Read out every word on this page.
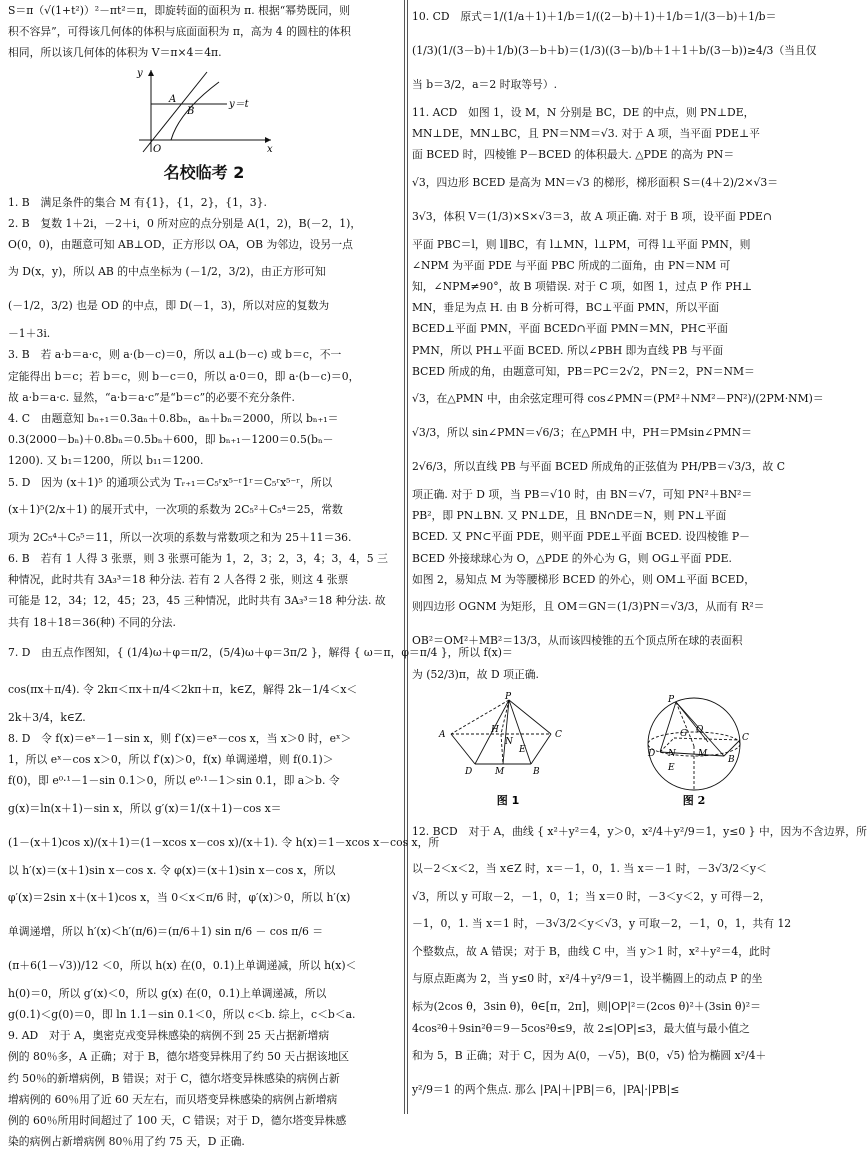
S＝π（√(1+t²)）²－πt²＝π，即旋转面的面积为 π. 根据“幂势既同，则
积不容异”，可得该几何体的体积与底面面积为 π，高为 4 的圆柱的体积
相同，所以该几何体的体积为 V＝π×4＝4π.
y
x
O
A
B
y＝t
名校临考 2
1. B　满足条件的集合 M 有{1}，{1，2}，{1，3}.
2. B　复数 1＋2i，－2＋i，0 所对应的点分别是 A(1，2)，B(－2，1)，
O(0，0)，由题意可知 AB⊥OD，正方形以 OA，OB 为邻边，设另一点
为 D(x，y)，所以 AB 的中点坐标为 (－1/2，3/2)，由正方形可知
(－1/2，3/2) 也是 OD 的中点，即 D(－1，3)，所以对应的复数为
－1＋3i.
3. B　若 a·b＝a·c，则 a·(b－c)＝0，所以 a⊥(b－c) 或 b＝c，不一
定能得出 b＝c；若 b＝c，则 b－c＝0，所以 a·0＝0，即 a·(b－c)＝0，
故 a·b＝a·c. 显然，“a·b＝a·c”是“b＝c”的必要不充分条件.
4. C　由题意知 bₙ₊₁＝0.3aₙ＋0.8bₙ，aₙ＋bₙ＝2000，所以 bₙ₊₁＝
0.3(2000－bₙ)＋0.8bₙ＝0.5bₙ＋600，即 bₙ₊₁－1200＝0.5(bₙ－
1200). 又 b₁＝1200，所以 b₁₁＝1200.
5. D　因为 (x＋1)⁵ 的通项公式为 Tᵣ₊₁＝C₅ʳx⁵⁻ʳ1ʳ＝C₅ʳx⁵⁻ʳ，所以
(x＋1)⁵(2/x＋1) 的展开式中，一次项的系数为 2C₅²＋C₅⁴＝25，常数
项为 2C₅⁴＋C₅⁵＝11，所以一次项的系数与常数项之和为 25＋11＝36.
6. B　若有 1 人得 3 张票，则 3 张票可能为 1，2，3；2，3，4；3，4，5 三
种情况，此时共有 3A₃³＝18 种分法. 若有 2 人各得 2 张，则这 4 张票
可能是 12，34；12，45；23，45 三种情况，此时共有 3A₃³＝18 种分法. 故
共有 18＋18＝36(种) 不同的分法.
7. D　由五点作图知，{ (1/4)ω＋φ＝π/2，(5/4)ω＋φ＝3π/2 }，解得 { ω＝π，φ＝π/4 }，所以 f(x)＝
cos(πx＋π/4). 令 2kπ＜πx＋π/4＜2kπ＋π，k∈Z，解得 2k－1/4＜x＜
2k＋3/4，k∈Z.
8. D　令 f(x)＝eˣ－1－sin x，则 f′(x)＝eˣ－cos x，当 x＞0 时，eˣ＞
1，所以 eˣ－cos x＞0，所以 f′(x)＞0，f(x) 单调递增，则 f(0.1)＞
f(0)，即 e⁰·¹－1－sin 0.1＞0，所以 e⁰·¹－1＞sin 0.1，即 a＞b. 令
g(x)＝ln(x＋1)－sin x，所以 g′(x)＝1/(x＋1)－cos x＝
(1－(x＋1)cos x)/(x＋1)＝(1－xcos x－cos x)/(x＋1). 令 h(x)＝1－xcos x－cos x，所
以 h′(x)＝(x＋1)sin x－cos x. 令 φ(x)＝(x＋1)sin x－cos x，所以
φ′(x)＝2sin x＋(x＋1)cos x，当 0＜x＜π/6 时，φ′(x)＞0，所以 h′(x)
单调递增，所以 h′(x)＜h′(π/6)＝(π/6＋1) sin π/6 － cos π/6 ＝
(π＋6(1－√3))/12 ＜0，所以 h(x) 在(0，0.1)上单调递减，所以 h(x)＜
h(0)＝0，所以 g′(x)＜0，所以 g(x) 在(0，0.1)上单调递减，所以
g(0.1)＜g(0)＝0，即 ln 1.1－sin 0.1＜0，所以 c＜b. 综上，c＜b＜a.
9. AD　对于 A，奥密克戎变异株感染的病例不到 25 天占据新增病
例的 80％多，A 正确；对于 B，德尔塔变异株用了约 50 天占据该地区
约 50％的新增病例，B 错误；对于 C，德尔塔变异株感染的病例占新
增病例的 60％用了近 60 天左右，而贝塔变异株感染的病例占新增病
例的 60％所用时间超过了 100 天，C 错误；对于 D，德尔塔变异株感
染的病例占新增病例 80％用了约 75 天，D 正确.
10. CD　原式＝1/(1/a＋1)＋1/b＝1/((2－b)＋1)＋1/b＝1/(3－b)＋1/b＝
(1/3)(1/(3－b)＋1/b)(3－b＋b)＝(1/3)((3－b)/b＋1＋1＋b/(3－b))≥4/3（当且仅
当 b＝3/2，a＝2 时取等号）.
11. ACD　如图 1，设 M，N 分别是 BC，DE 的中点，则 PN⊥DE，
MN⊥DE，MN⊥BC，且 PN＝NM＝√3. 对于 A 项，当平面 PDE⊥平
面 BCED 时，四棱锥 P－BCED 的体积最大. △PDE 的高为 PN＝
√3，四边形 BCED 是高为 MN＝√3 的梯形，梯形面积 S＝(4＋2)/2×√3＝
3√3，体积 V＝(1/3)×S×√3＝3，故 A 项正确. 对于 B 项，设平面 PDE∩
平面 PBC＝l，则 l∥BC，有 l⊥MN，l⊥PM，可得 l⊥平面 PMN，则
∠NPM 为平面 PDE 与平面 PBC 所成的二面角，由 PN＝NM 可
知，∠NPM≠90°，故 B 项错误. 对于 C 项，如图 1，过点 P 作 PH⊥
MN，垂足为点 H. 由 B 分析可得，BC⊥平面 PMN，所以平面
BCED⊥平面 PMN，平面 BCED∩平面 PMN＝MN，PH⊂平面
PMN，所以 PH⊥平面 BCED. 所以∠PBH 即为直线 PB 与平面
BCED 所成的角，由题意可知，PB＝PC＝2√2，PN＝2，PN＝NM＝
√3，在△PMN 中，由余弦定理可得 cos∠PMN＝(PM²＋NM²－PN²)/(2PM·NM)＝
√3/3，所以 sin∠PMN＝√6/3；在△PMH 中，PH＝PMsin∠PMN＝
2√6/3，所以直线 PB 与平面 BCED 所成角的正弦值为 PH/PB＝√3/3，故 C
项正确. 对于 D 项，当 PB＝√10 时，由 BN＝√7，可知 PN²＋BN²＝
PB²，即 PN⊥BN. 又 PN⊥DE，且 BN∩DE＝N，则 PN⊥平面
BCED. 又 PN⊂平面 PDE，则平面 PDE⊥平面 BCED. 设四棱锥 P－
BCED 外接球球心为 O，△PDE 的外心为 G，则 OG⊥平面 PDE.
如图 2，易知点 M 为等腰梯形 BCED 的外心，则 OM⊥平面 BCED，
则四边形 OGNM 为矩形，且 OM＝GN＝(1/3)PN＝√3/3，从而有 R²＝
OB²＝OM²＋MB²＝13/3，从而该四棱锥的五个顶点所在球的表面积
为 (52/3)π，故 D 项正确.
P
A	C
D	B
N
H
M
E
图 1
P
O
G
N
C
B
D	M
E
图 2
12. BCD　对于 A，曲线 { x²＋y²＝4，y＞0，x²/4＋y²/9＝1，y≤0 } 中，因为不含边界，所
以－2＜x＜2，当 x∈Z 时，x＝－1，0，1. 当 x＝－1 时，－3√3/2＜y＜
√3，所以 y 可取－2，－1，0，1；当 x＝0 时，－3＜y＜2，y 可得－2，
－1，0，1. 当 x＝1 时，－3√3/2＜y＜√3，y 可取－2，－1，0，1，共有 12
个整数点，故 A 错误；对于 B，曲线 C 中，当 y＞1 时，x²＋y²＝4，此时
与原点距离为 2，当 y≤0 时，x²/4＋y²/9＝1，设半椭圆上的动点 P 的坐
标为(2cos θ，3sin θ)，θ∈[π，2π]，则|OP|²＝(2cos θ)²＋(3sin θ)²＝
4cos²θ＋9sin²θ＝9－5cos²θ≤9，故 2≤|OP|≤3，最大值与最小值之
和为 5，B 正确；对于 C，因为 A(0，－√5)，B(0，√5) 恰为椭圆 x²/4＋
y²/9＝1 的两个焦点. 那么 |PA|＋|PB|＝6，|PA|·|PB|≤
